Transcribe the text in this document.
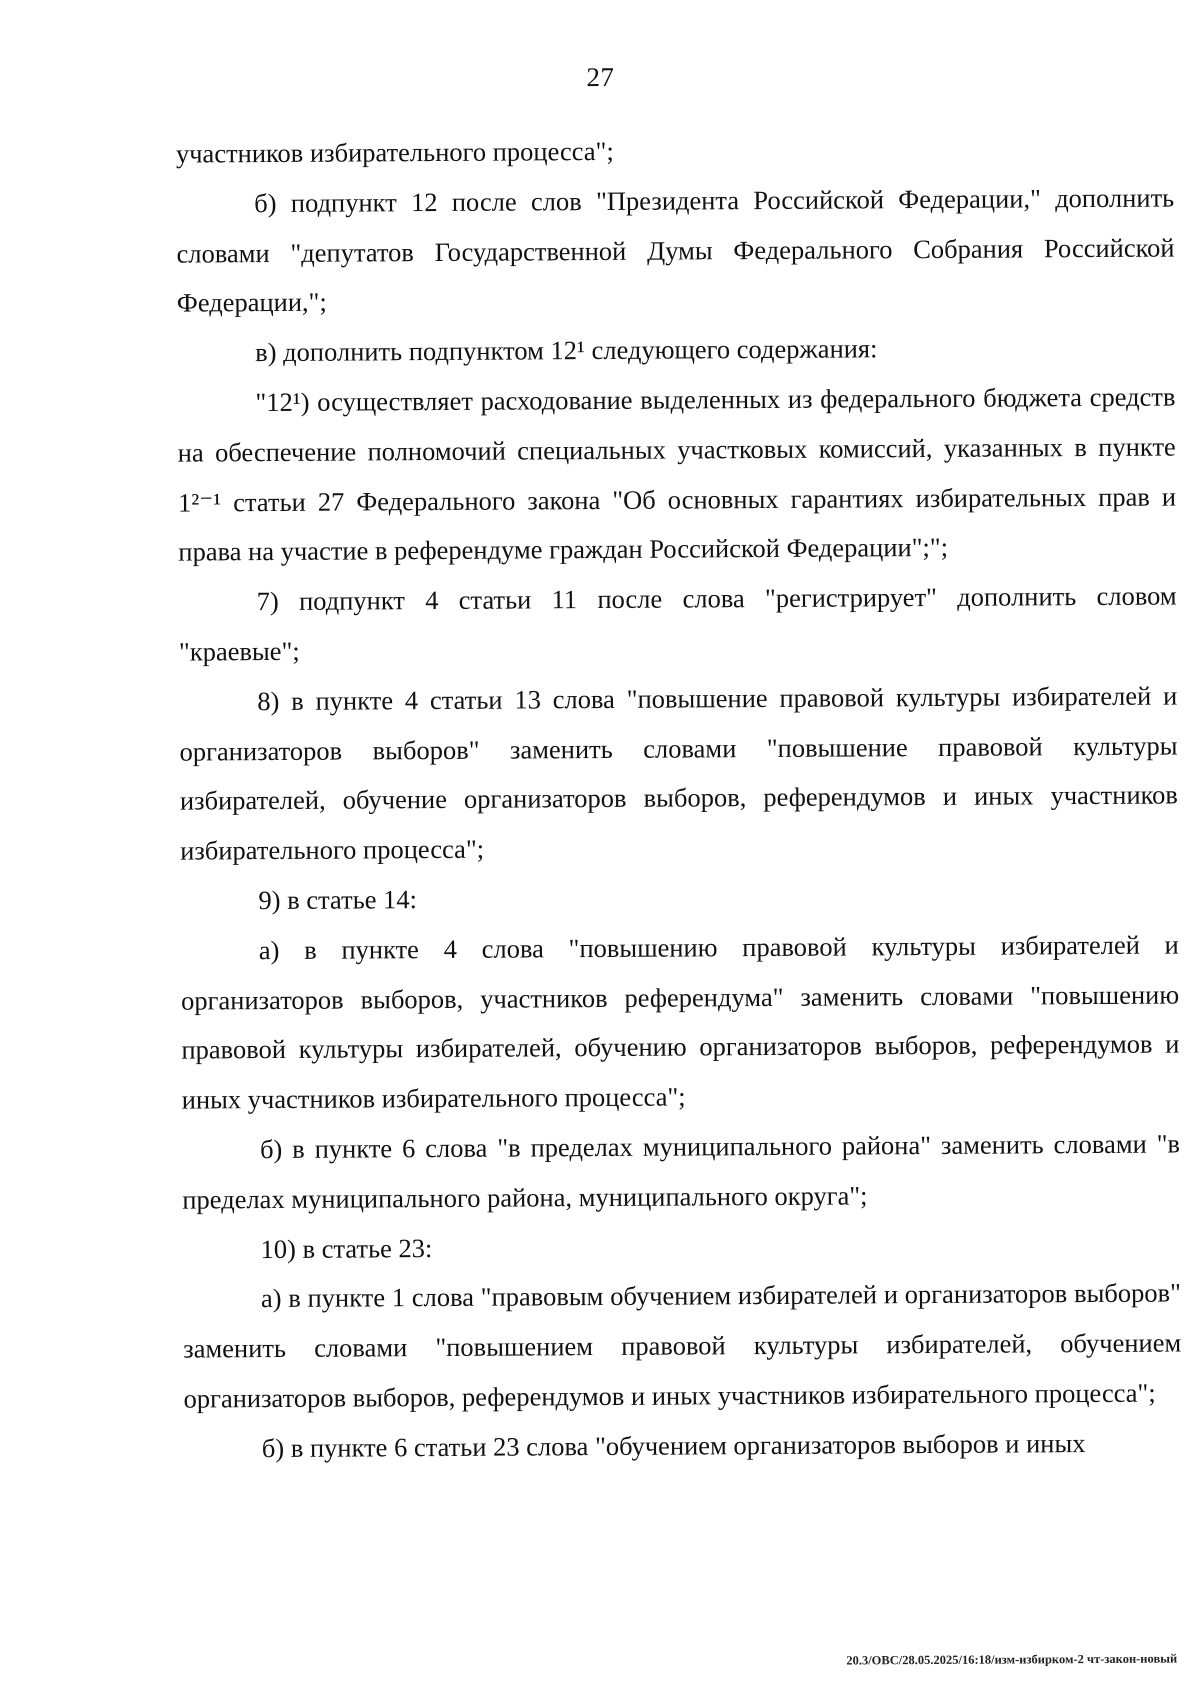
27

участников избирательного процесса";

б) подпункт 12 после слов "Президента Российской Федерации," дополнить словами "депутатов Государственной Думы Федерального Собрания Российской Федерации,";

в) дополнить подпунктом 12¹ следующего содержания:

"12¹) осуществляет расходование выделенных из федерального бюджета средств на обеспечение полномочий специальных участковых комиссий, указанных в пункте 1²⁻¹ статьи 27 Федерального закона "Об основных гарантиях избирательных прав и права на участие в референдуме граждан Российской Федерации";";

7) подпункт 4 статьи 11 после слова "регистрирует" дополнить словом "краевые";

8) в пункте 4 статьи 13 слова "повышение правовой культуры избирателей и организаторов выборов" заменить словами "повышение правовой культуры избирателей, обучение организаторов выборов, референдумов и иных участников избирательного процесса";

9) в статье 14:

а) в пункте 4 слова "повышению правовой культуры избирателей и организаторов выборов, участников референдума" заменить словами "повышению правовой культуры избирателей, обучению организаторов выборов, референдумов и иных участников избирательного процесса";

б) в пункте 6 слова "в пределах муниципального района" заменить словами "в пределах муниципального района, муниципального округа";

10) в статье 23:

а) в пункте 1 слова "правовым обучением избирателей и организаторов выборов" заменить словами "повышением правовой культуры избирателей, обучением организаторов выборов, референдумов и иных участников избирательного процесса";

б) в пункте 6 статьи 23 слова "обучением организаторов выборов и иных

20.3/ОВС/28.05.2025/16:18/изм-избирком-2 чт-закон-новый
